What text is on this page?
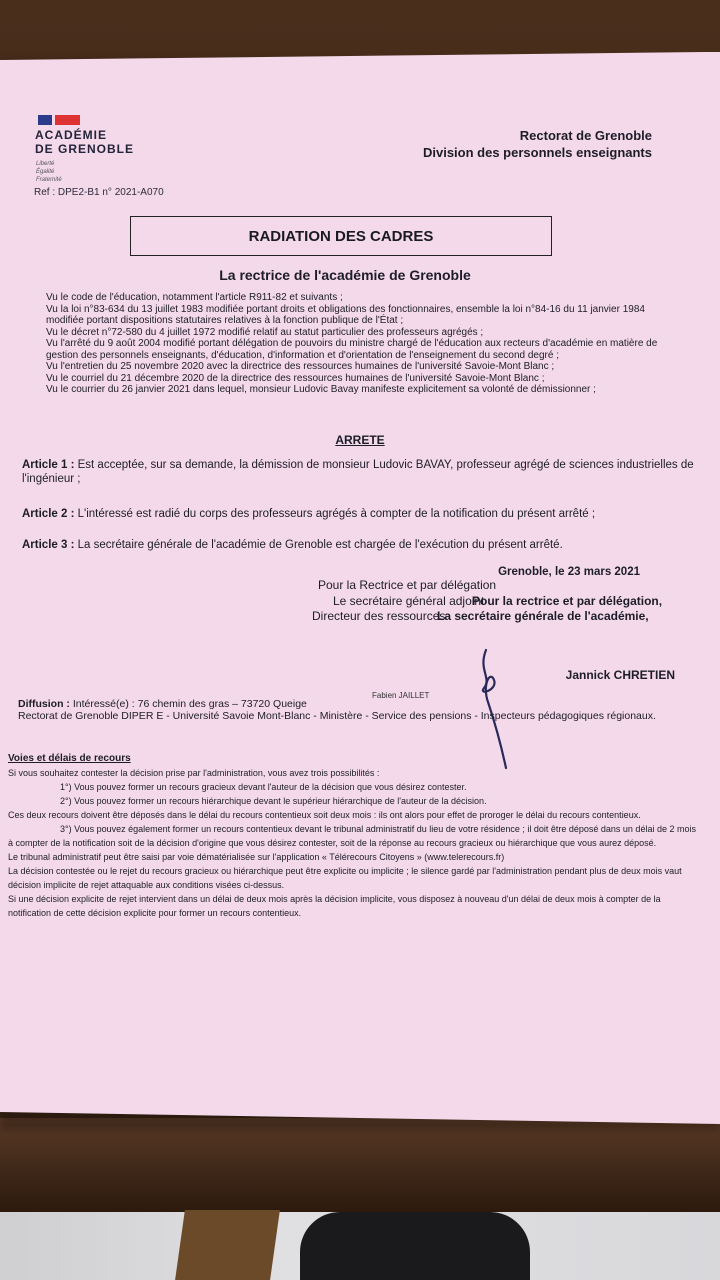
ACADÉMIE
DE GRENOBLE
Liberté
Égalité
Fraternité
Ref : DPE2-B1 n° 2021-A070
Rectorat de Grenoble
Division des personnels enseignants
RADIATION DES CADRES
La rectrice de l'académie de Grenoble
Vu le code de l'éducation, notamment l'article R911-82 et suivants ;
Vu la loi n°83-634 du 13 juillet 1983 modifiée portant droits et obligations des fonctionnaires, ensemble la loi n°84-16 du 11 janvier 1984 modifiée portant dispositions statutaires relatives à la fonction publique de l'État ;
Vu le décret n°72-580 du 4 juillet 1972 modifié relatif au statut particulier des professeurs agrégés ;
Vu l'arrêté du 9 août 2004 modifié portant délégation de pouvoirs du ministre chargé de l'éducation aux recteurs d'académie en matière de gestion des personnels enseignants, d'éducation, d'information et d'orientation de l'enseignement du second degré ;
Vu l'entretien du 25 novembre 2020 avec la directrice des ressources humaines de l'université Savoie-Mont Blanc ;
Vu le courriel du 21 décembre 2020 de la directrice des ressources humaines de l'université Savoie-Mont Blanc ;
Vu le courrier du 26 janvier 2021 dans lequel, monsieur Ludovic Bavay manifeste explicitement sa volonté de démissionner ;
ARRETE
Article 1 : Est acceptée, sur sa demande, la démission de monsieur Ludovic BAVAY, professeur agrégé de sciences industrielles de l'ingénieur ;
Article 2 : L'intéressé est radié du corps des professeurs agrégés à compter de la notification du présent arrêté ;
Article 3 : La secrétaire générale de l'académie de Grenoble est chargée de l'exécution du présent arrêté.
Grenoble, le 23 mars 2021
Pour la Rectrice et par délégation
Le secrétaire général adjoint
Pour la rectrice et par délégation,
Directeur des ressources
La secrétaire générale de l'académie,
Jannick CHRETIEN
Fabien JAILLET
Diffusion : Intéressé(e) : 76 chemin des gras – 73720 Queige
Rectorat de Grenoble DIPER E - Université Savoie Mont-Blanc - Ministère - Service des pensions - Inspecteurs pédagogiques régionaux.
Voies et délais de recours
Si vous souhaitez contester la décision prise par l'administration, vous avez trois possibilités :
1°) Vous pouvez former un recours gracieux devant l'auteur de la décision que vous désirez contester.
2°) Vous pouvez former un recours hiérarchique devant le supérieur hiérarchique de l'auteur de la décision.
Ces deux recours doivent être déposés dans le délai du recours contentieux soit deux mois : ils ont alors pour effet de proroger le délai du recours contentieux.
3°) Vous pouvez également former un recours contentieux devant le tribunal administratif du lieu de votre résidence ; il doit être déposé dans un délai de 2 mois à compter de la notification soit de la décision d'origine que vous désirez contester, soit de la réponse au recours gracieux ou hiérarchique que vous aurez déposé.
Le tribunal administratif peut être saisi par voie dématérialisée sur l'application « Télérecours Citoyens » (www.telerecours.fr)
La décision contestée ou le rejet du recours gracieux ou hiérarchique peut être explicite ou implicite ; le silence gardé par l'administration pendant plus de deux mois vaut décision implicite de rejet attaquable aux conditions visées ci-dessus.
Si une décision explicite de rejet intervient dans un délai de deux mois après la décision implicite, vous disposez à nouveau d'un délai de deux mois à compter de la notification de cette décision explicite pour former un recours contentieux.
